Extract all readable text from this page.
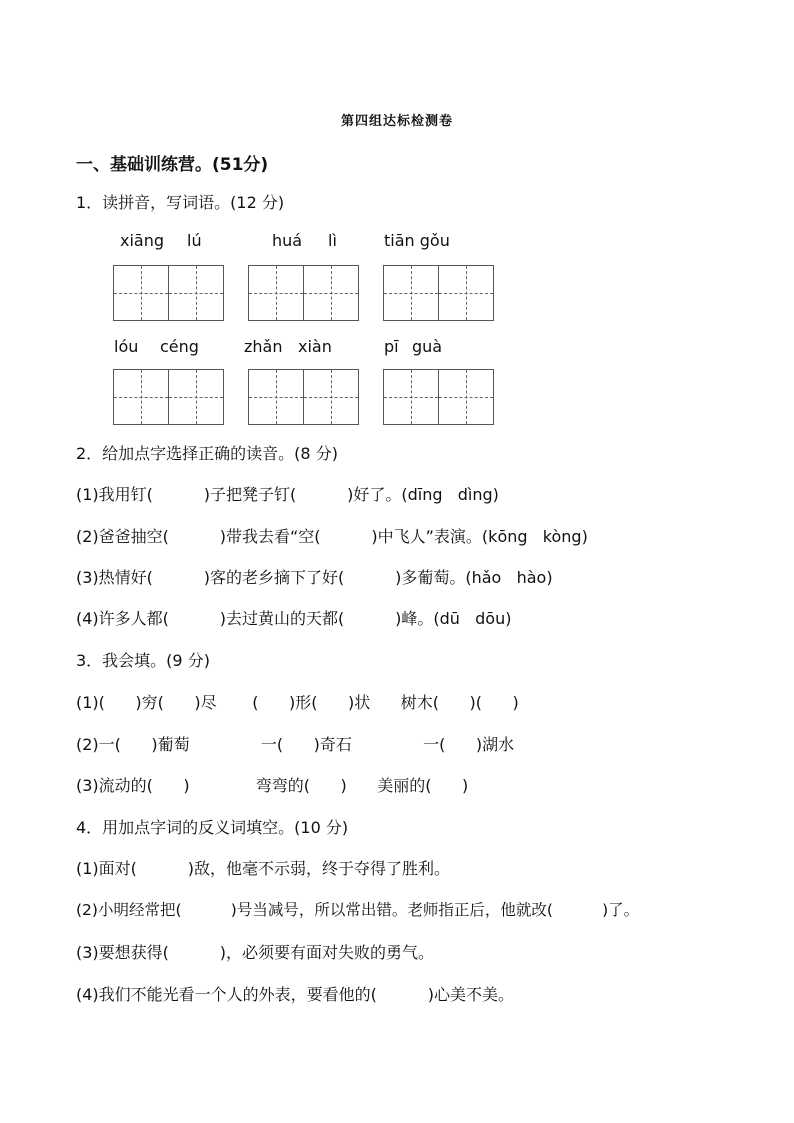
第四组达标检测卷
一、基础训练营。(51分)
1．读拼音，写词语。(12 分)
xiāng lú	huá lì	tiān gǒu
lóu céng	zhǎn xiàn	pī guà
2．给加点字选择正确的读音。(8 分)
(1)我用钉(          )子把凳子钉(          )好了。(dīng   dìng)
(2)爸爸抽空(          )带我去看“空(          )中飞人”表演。(kōng   kòng)
(3)热情好(          )客的老乡摘下了好(          )多葡萄。(hǎo   hào)
(4)许多人都(          )去过黄山的天都(          )峰。(dū   dōu)
3．我会填。(9 分)
(1)(      )穷(      )尽       (      )形(      )状      树木(      )(      )
(2)一(      )葡萄              一(      )奇石              一(      )湖水
(3)流动的(      )             弯弯的(      )      美丽的(      )
4．用加点字词的反义词填空。(10 分)
(1)面对(          )敌，他毫不示弱，终于夺得了胜利。
(2)小明经常把(          )号当减号，所以常出错。老师指正后，他就改(          )了。
(3)要想获得(          )，必须要有面对失败的勇气。
(4)我们不能光看一个人的外表，要看他的(          )心美不美。
